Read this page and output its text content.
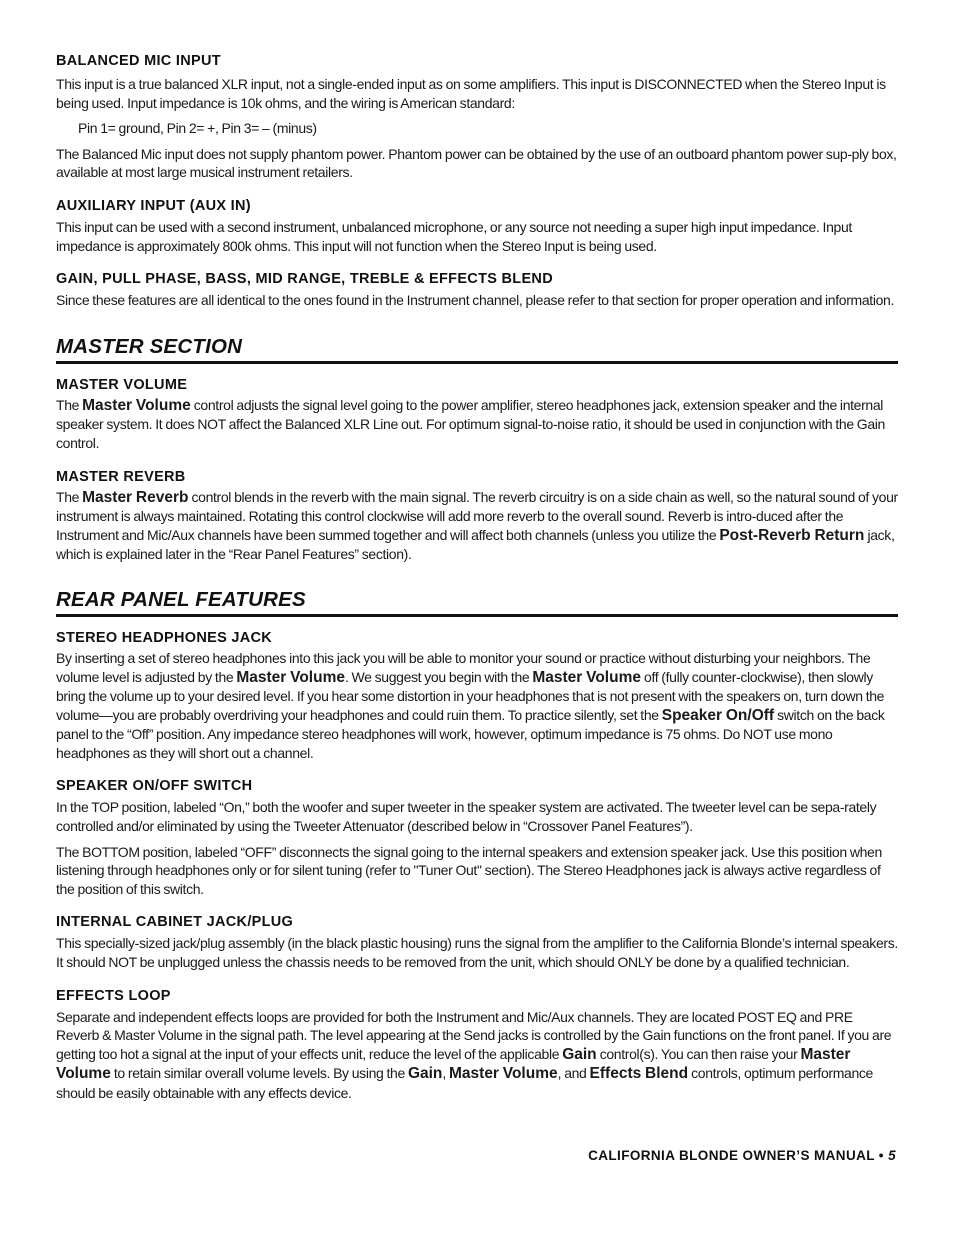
BALANCED MIC INPUT

This input is a true balanced XLR input, not a single-ended input as on some amplifiers. This input is DISCONNECTED when the Stereo Input is being used. Input impedance is 10k ohms, and the wiring is American standard:

Pin 1= ground, Pin 2= +, Pin 3= – (minus)

The Balanced Mic input does not supply phantom power. Phantom power can be obtained by the use of an outboard phantom power sup-ply box, available at most large musical instrument retailers.

AUXILIARY INPUT (AUX IN)

This input can be used with a second instrument, unbalanced microphone, or any source not needing a super high input impedance. Input impedance is approximately 800k ohms. This input will not function when the Stereo Input is being used.

GAIN, PULL PHASE, BASS, MID RANGE, TREBLE & EFFECTS BLEND

Since these features are all identical to the ones found in the Instrument channel, please refer to that section for proper operation and information.

MASTER SECTION
MASTER VOLUME

The Master Volume control adjusts the signal level going to the power amplifier, stereo headphones jack, extension speaker and the internal speaker system. It does NOT affect the Balanced XLR Line out. For optimum signal-to-noise ratio, it should be used in conjunction with the Gain control.

MASTER REVERB

The Master Reverb control blends in the reverb with the main signal. The reverb circuitry is on a side chain as well, so the natural sound of your instrument is always maintained. Rotating this control clockwise will add more reverb to the overall sound. Reverb is intro-duced after the Instrument and Mic/Aux channels have been summed together and will affect both channels (unless you utilize the Post-Reverb Return jack, which is explained later in the “Rear Panel Features” section).

REAR PANEL FEATURES
STEREO HEADPHONES JACK

By inserting a set of stereo headphones into this jack you will be able to monitor your sound or practice without disturbing your neighbors. The volume level is adjusted by the Master Volume. We suggest you begin with the Master Volume off (fully counter-clockwise), then slowly bring the volume up to your desired level. If you hear some distortion in your headphones that is not present with the speakers on, turn down the volume—you are probably overdriving your headphones and could ruin them. To practice silently, set the Speaker On/Off switch on the back panel to the “Off” position. Any impedance stereo headphones will work, however, optimum impedance is 75 ohms. Do NOT use mono headphones as they will short out a channel.

SPEAKER ON/OFF SWITCH

In the TOP position, labeled “On,” both the woofer and super tweeter in the speaker system are activated. The tweeter level can be sepa-rately controlled and/or eliminated by using the Tweeter Attenuator (described below in “Crossover Panel Features”).

The BOTTOM position, labeled “OFF” disconnects the signal going to the internal speakers and extension speaker jack. Use this position when listening through headphones only or for silent tuning (refer to "Tuner Out" section). The Stereo Headphones jack is always active regardless of the position of this switch.

INTERNAL CABINET JACK/PLUG

This specially-sized jack/plug assembly (in the black plastic housing) runs the signal from the amplifier to the California Blonde’s internal speakers. It should NOT be unplugged unless the chassis needs to be removed from the unit, which should ONLY be done by a qualified technician.

EFFECTS LOOP

Separate and independent effects loops are provided for both the Instrument and Mic/Aux channels. They are located POST EQ and PRE Reverb & Master Volume in the signal path. The level appearing at the Send jacks is controlled by the Gain functions on the front panel. If you are getting too hot a signal at the input of your effects unit, reduce the level of the applicable Gain control(s). You can then raise your Master Volume to retain similar overall volume levels. By using the Gain, Master Volume, and Effects Blend controls, optimum performance should be easily obtainable with any effects device.

CALIFORNIA BLONDE OWNER’S MANUAL • 5
